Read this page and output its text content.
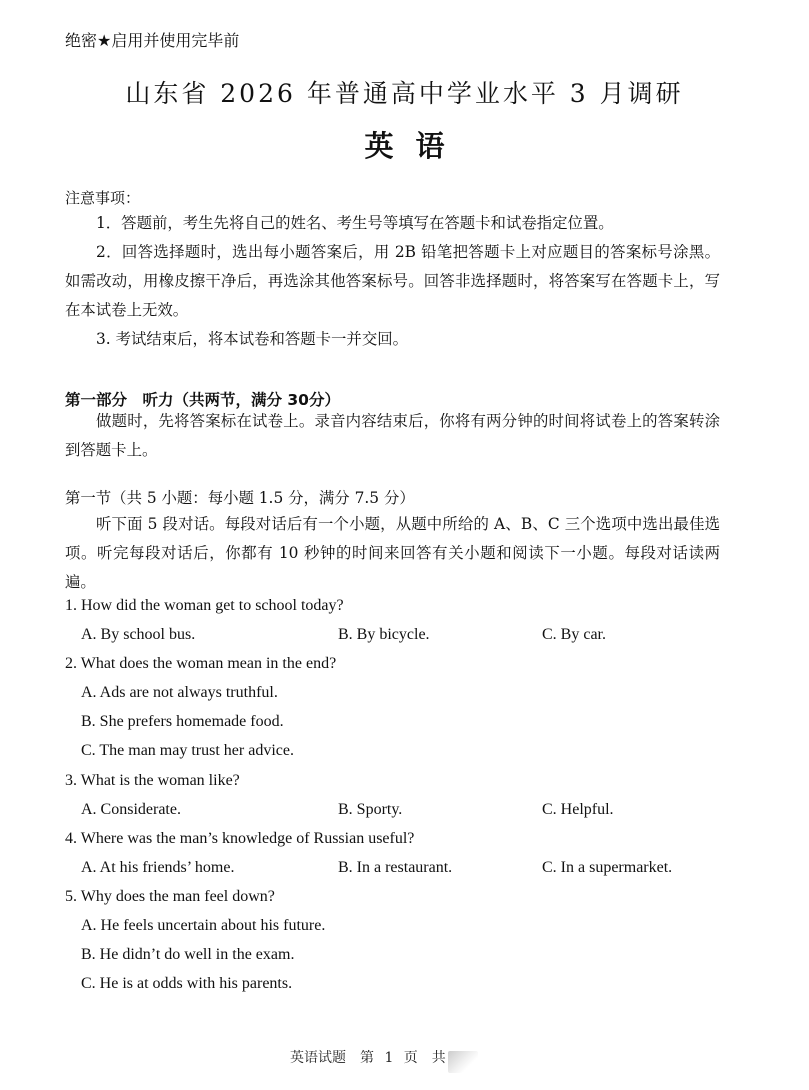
绝密★启用并使用完毕前
山东省 2026 年普通高中学业水平 3 月调研
英语
注意事项：
1．答题前，考生先将自己的姓名、考生号等填写在答题卡和试卷指定位置。
2．回答选择题时，选出每小题答案后，用 2B 铅笔把答题卡上对应题目的答案标号涂黑。如需改动，用橡皮擦干净后，再选涂其他答案标号。回答非选择题时，将答案写在答题卡上，写在本试卷上无效。
3. 考试结束后，将本试卷和答题卡一并交回。
第一部分　听力（共两节，满分 30分）
做题时，先将答案标在试卷上。录音内容结束后，你将有两分钟的时间将试卷上的答案转涂到答题卡上。
第一节（共 5 小题：每小题 1.5 分，满分 7.5 分）
听下面 5 段对话。每段对话后有一个小题，从题中所给的 A、B、C 三个选项中选出最佳选项。听完每段对话后，你都有 10 秒钟的时间来回答有关小题和阅读下一小题。每段对话读两遍。
1. How did the woman get to school today?
A. By school bus.	B. By bicycle.	C. By car.
2. What does the woman mean in the end?
A. Ads are not always truthful.
B. She prefers homemade food.
C. The man may trust her advice.
3. What is the woman like?
A. Considerate.	B. Sporty.	C. Helpful.
4. Where was the man’s knowledge of Russian useful?
A. At his friends’ home.	B. In a restaurant.	C. In a supermarket.
5. Why does the man feel down?
A. He feels uncertain about his future.
B. He didn’t do well in the exam.
C. He is at odds with his parents.
英语试题　第 1 页　共
